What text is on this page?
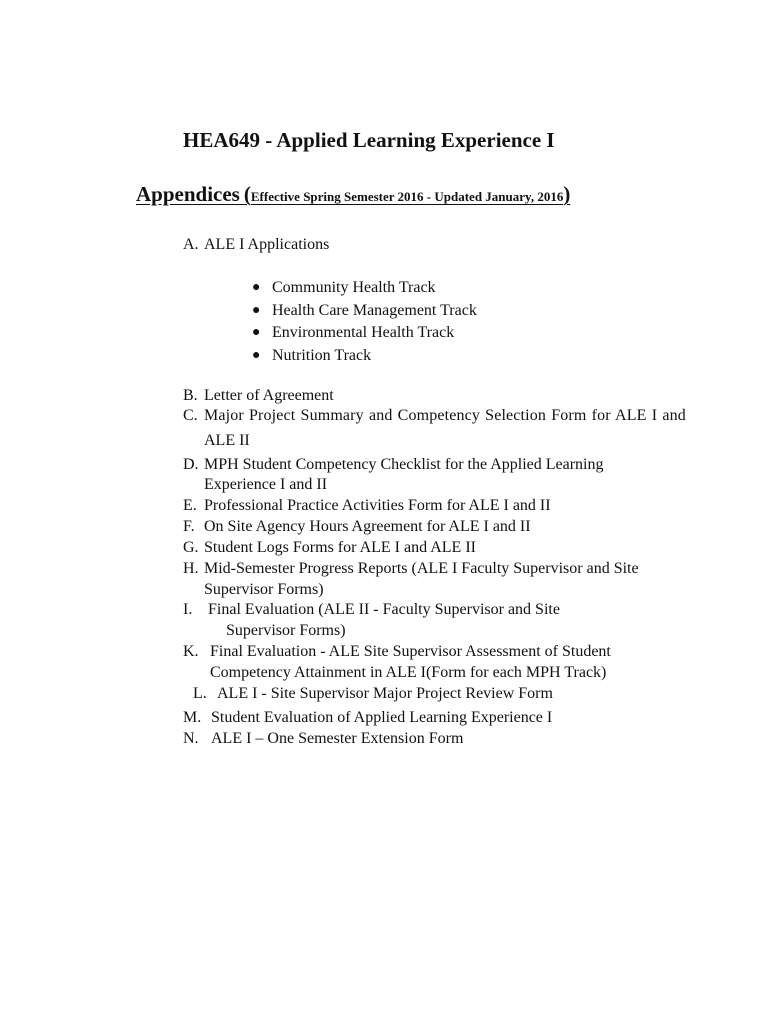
HEA649 - Applied Learning Experience I
Appendices (Effective Spring Semester 2016 - Updated January, 2016)
A. ALE I Applications
● Community Health Track
● Health Care Management Track
● Environmental Health Track
● Nutrition Track
B. Letter of Agreement
C. Major Project Summary and Competency Selection Form for ALE I and
ALE II
D. MPH Student Competency Checklist for the Applied Learning
Experience I and II
E. Professional Practice Activities Form for ALE I and II
F. On Site Agency Hours Agreement for ALE I and II
G. Student Logs Forms for ALE I and ALE II
H. Mid-Semester Progress Reports (ALE I Faculty Supervisor and Site
Supervisor Forms)
I. Final Evaluation (ALE II - Faculty Supervisor and Site
Supervisor Forms)
K. Final Evaluation - ALE Site Supervisor Assessment of Student
Competency Attainment in ALE I(Form for each MPH Track)
L. ALE I - Site Supervisor Major Project Review Form
M. Student Evaluation of Applied Learning Experience I
N. ALE I – One Semester Extension Form
